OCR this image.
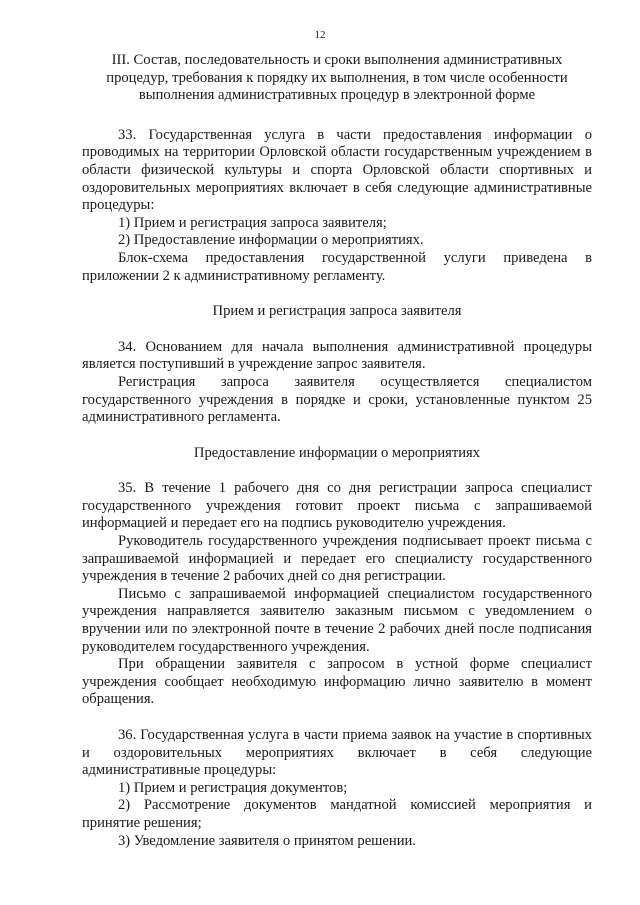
12
III. Состав, последовательность и сроки выполнения административных процедур, требования к порядку их выполнения, в том числе особенности выполнения административных процедур в электронной форме

33. Государственная услуга в части предоставления информации о проводимых на территории Орловской области государственным учреждением в области физической культуры и спорта Орловской области спортивных и оздоровительных мероприятиях включает в себя следующие административные процедуры:

1) Прием и регистрация запроса заявителя;

2) Предоставление информации о мероприятиях.

Блок-схема предоставления государственной услуги приведена в приложении 2 к административному регламенту.

Прием и регистрация запроса заявителя

34. Основанием для начала выполнения административной процедуры является поступивший в учреждение запрос заявителя.

Регистрация запроса заявителя осуществляется специалистом государственного учреждения в порядке и сроки, установленные пунктом 25 административного регламента.

Предоставление информации о мероприятиях

35. В течение 1 рабочего дня со дня регистрации запроса специалист государственного учреждения готовит проект письма с запрашиваемой информацией и передает его на подпись руководителю учреждения.

Руководитель государственного учреждения подписывает проект письма с запрашиваемой информацией и передает его специалисту государственного учреждения в течение 2 рабочих дней со дня регистрации.

Письмо с запрашиваемой информацией специалистом государственного учреждения направляется заявителю заказным письмом с уведомлением о вручении или по электронной почте в течение 2 рабочих дней после подписания руководителем государственного учреждения.

При обращении заявителя с запросом в устной форме специалист учреждения сообщает необходимую информацию лично заявителю в момент обращения.

36. Государственная услуга в части приема заявок на участие в спортивных и оздоровительных мероприятиях включает в себя следующие административные процедуры:

1) Прием и регистрация документов;

2) Рассмотрение документов мандатной комиссией мероприятия и принятие решения;

3) Уведомление заявителя о принятом решении.
